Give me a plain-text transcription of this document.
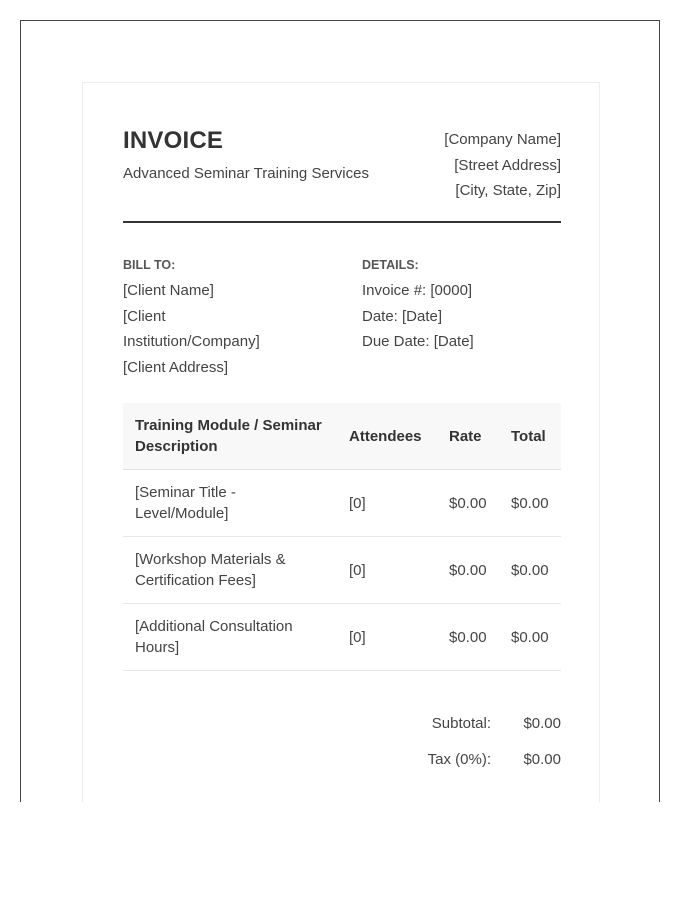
INVOICE
Advanced Seminar Training Services
[Company Name]
[Street Address]
[City, State, Zip]
BILL TO:
[Client Name]
[Client
Institution/Company]
[Client Address]
DETAILS:
Invoice #: [0000]
Date: [Date]
Due Date: [Date]
Training Module / Seminar Description	Attendees	Rate	Total
[Seminar Title - Level/Module]	[0]	$0.00	$0.00
[Workshop Materials & Certification Fees]	[0]	$0.00	$0.00
[Additional Consultation Hours]	[0]	$0.00	$0.00
Subtotal: $0.00
Tax (0%): $0.00
